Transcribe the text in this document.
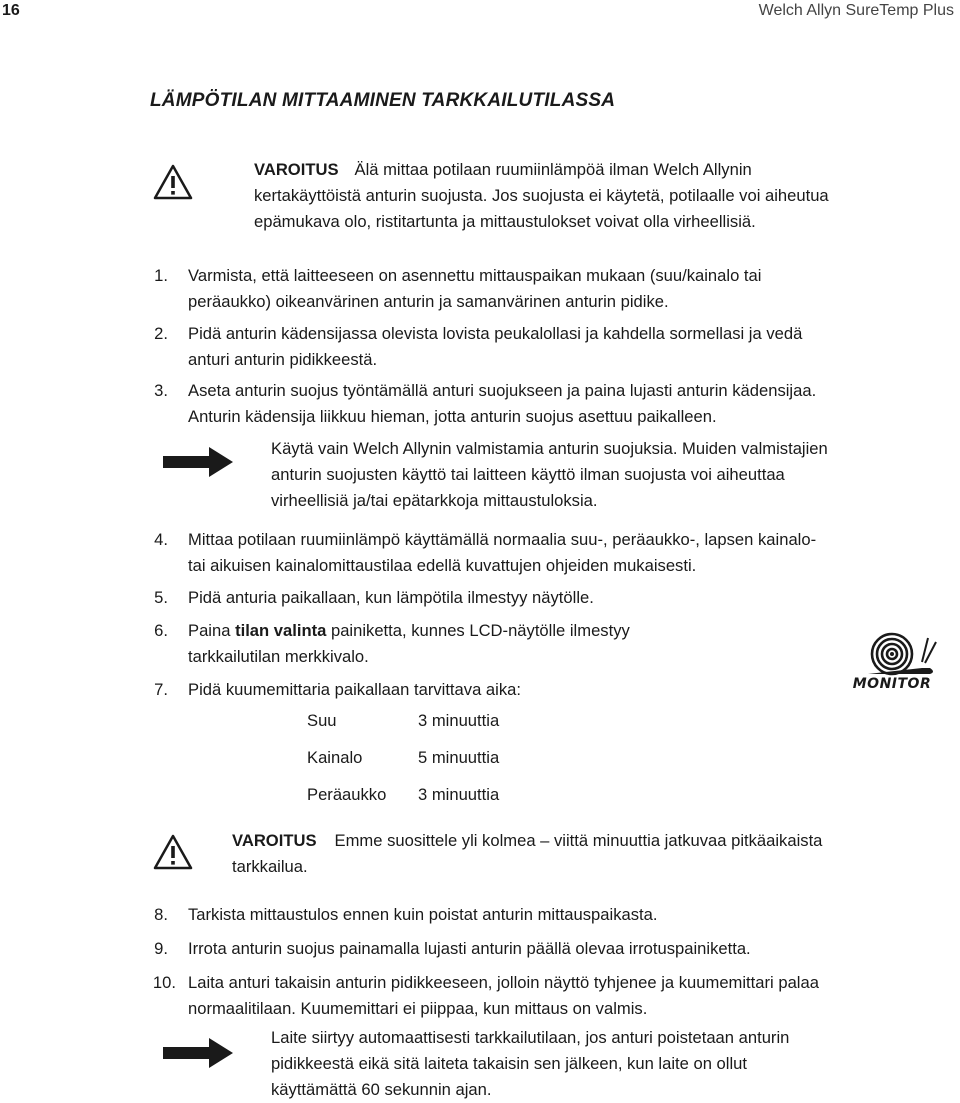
16	Welch Allyn SureTemp Plus
LÄMPÖTILAN MITTAAMINEN TARKKAILUTILASSA
VAROITUS Älä mittaa potilaan ruumiinlämpöä ilman Welch Allynin
kertakäyttöistä anturin suojusta. Jos suojusta ei käytetä, potilaalle voi aiheutua
epämukava olo, ristitartunta ja mittaustulokset voivat olla virheellisiä.
1. Varmista, että laitteeseen on asennettu mittauspaikan mukaan (suu/kainalo tai
peräaukko) oikeanvärinen anturin ja samanvärinen anturin pidike.
2. Pidä anturin kädensijassa olevista lovista peukalollasi ja kahdella sormellasi ja vedä
anturi anturin pidikkeestä.
3. Aseta anturin suojus työntämällä anturi suojukseen ja paina lujasti anturin kädensijaa.
Anturin kädensija liikkuu hieman, jotta anturin suojus asettuu paikalleen.
Käytä vain Welch Allynin valmistamia anturin suojuksia. Muiden valmistajien
anturin suojusten käyttö tai laitteen käyttö ilman suojusta voi aiheuttaa
virheellisiä ja/tai epätarkkoja mittaustuloksia.
4. Mittaa potilaan ruumiinlämpö käyttämällä normaalia suu-, peräaukko-, lapsen kainalo-
tai aikuisen kainalomittaustilaa edellä kuvattujen ohjeiden mukaisesti.
5. Pidä anturia paikallaan, kun lämpötila ilmestyy näytölle.
6. Paina tilan valinta painiketta, kunnes LCD-näytölle ilmestyy
tarkkailutilan merkkivalo.
MONITOR
7. Pidä kuumemittaria paikallaan tarvittava aika:
Suu	3 minuuttia
Kainalo	5 minuuttia
Peräaukko 3 minuuttia
VAROITUS Emme suosittele yli kolmea – viittä minuuttia jatkuvaa pitkäaikaista
tarkkailua.
8. Tarkista mittaustulos ennen kuin poistat anturin mittauspaikasta.
9. Irrota anturin suojus painamalla lujasti anturin päällä olevaa irrotuspainiketta.
10. Laita anturi takaisin anturin pidikkeeseen, jolloin näyttö tyhjenee ja kuumemittari palaa
normaalitilaan. Kuumemittari ei piippaa, kun mittaus on valmis.
Laite siirtyy automaattisesti tarkkailutilaan, jos anturi poistetaan anturin
pidikkeestä eikä sitä laiteta takaisin sen jälkeen, kun laite on ollut
käyttämättä 60 sekunnin ajan.
